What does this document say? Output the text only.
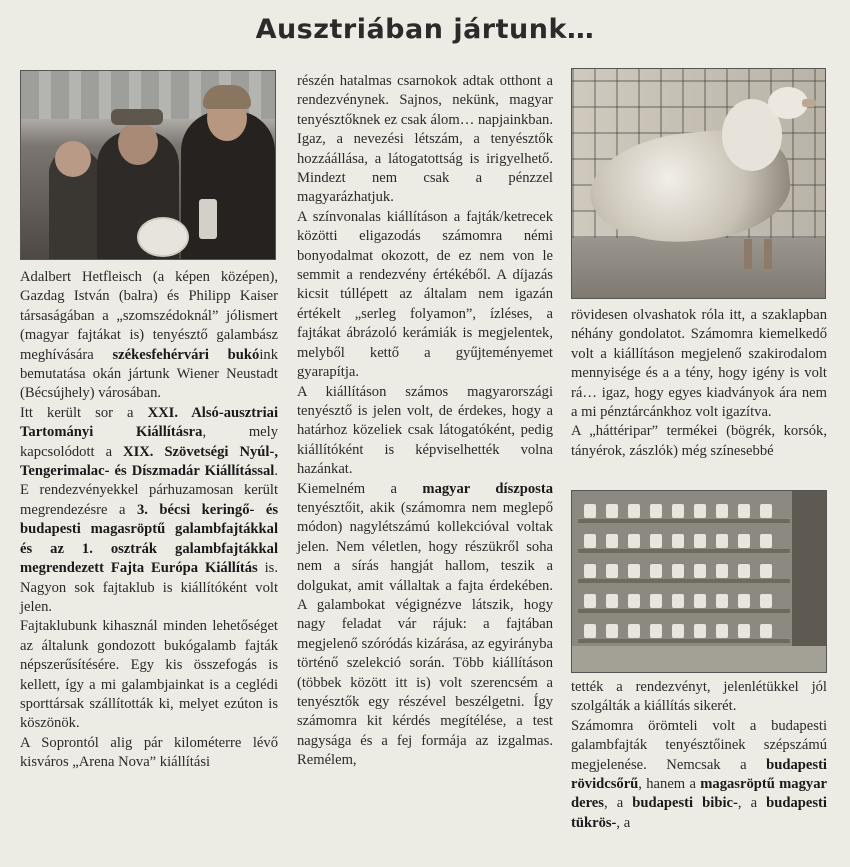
Ausztriában jártunk…

Adalbert Hetfleisch (a képen középen), Gazdag István (balra) és Philipp Kaiser társaságában a „szomszédoknál” jólismert (magyar fajtákat is) tenyésztő galambász meghívására székesfehérvári bukóink bemutatása okán jártunk Wiener Neustadt (Bécsújhely) városában.

Itt került sor a XXI. Alsó-ausztriai Tartományi Kiállításra, mely kapcsolódott a XIX. Szövetségi Nyúl-, Tengerimalac- és Díszmadár Kiállítással. E rendezvényekkel párhuzamosan került megrendezésre a 3. bécsi keringő- és budapesti magasröptű galambfajtákkal és az 1. osztrák galambfajtákkal megrendezett Fajta Európa Kiállítás is. Nagyon sok fajtaklub is kiállítóként volt jelen.

Fajtaklubunk kihasznál minden lehetőséget az általunk gondozott bukógalamb fajták népszerűsítésére. Egy kis összefogás is kellett, így a mi galambjainkat is a ceglédi sporttársak szállították ki, melyet ezúton is köszönök.

A Soprontól alig pár kilométerre lévő kisváros „Arena Nova” kiállítási

részén hatalmas csarnokok adtak otthont a rendezvénynek. Sajnos, nekünk, magyar tenyésztőknek ez csak álom… napjainkban. Igaz, a nevezési létszám, a tenyésztők hozzáállása, a látogatottság is irigyelhető. Mindezt nem csak a pénzzel magyarázhatjuk.

A színvonalas kiállításon a fajták/ketrecek közötti eligazodás számomra némi bonyodalmat okozott, de ez nem von le semmit a rendezvény értékéből. A díjazás kicsit túllépett az általam nem igazán értékelt „serleg folyamon”, ízléses, a fajtákat ábrázoló kerámiák is megjelentek, melyből kettő a gyűjteményemet gyarapítja.

A kiállításon számos magyarországi tenyésztő is jelen volt, de érdekes, hogy a határhoz közeliek csak látogatóként, pedig kiállítóként is képviselhették volna hazánkat.

Kiemelném a magyar díszposta tenyésztőit, akik (számomra nem meglepő módon) nagylétszámú kollekcióval voltak jelen. Nem véletlen, hogy részükről soha nem a sírás hangját hallom, teszik a dolgukat, amit vállaltak a fajta érdekében. A galambokat végignézve látszik, hogy nagy feladat vár rájuk: a fajtában megjelenő szóródás kizárása, az egyirányba történő szelekció során. Több kiállításon (többek között itt is) volt szerencsém a tenyésztők egy részével beszélgetni. Így számomra kit kérdés megítélése, a test nagysága és a fej formája az izgalmas. Remélem,

rövidesen olvashatok róla itt, a szaklapban néhány gondolatot. Számomra kiemelkedő volt a kiállításon megjelenő szakirodalom mennyisége és a a tény, hogy igény is volt rá… igaz, hogy egyes kiadványok ára nem a mi pénztárcánkhoz volt igazítva.

A „háttéripar” termékei (bögrék, korsók, tányérok, zászlók) még színesebbé

tették a rendezvényt, jelenlétükkel jól szolgálták a kiállítás sikerét.

Számomra örömteli volt a budapesti galambfajták tenyésztőinek szépszámú megjelenése. Nemcsak a budapesti rövidcsőrű, hanem a magasröptű magyar deres, a budapesti bibic-, a budapesti tükrös-, a
